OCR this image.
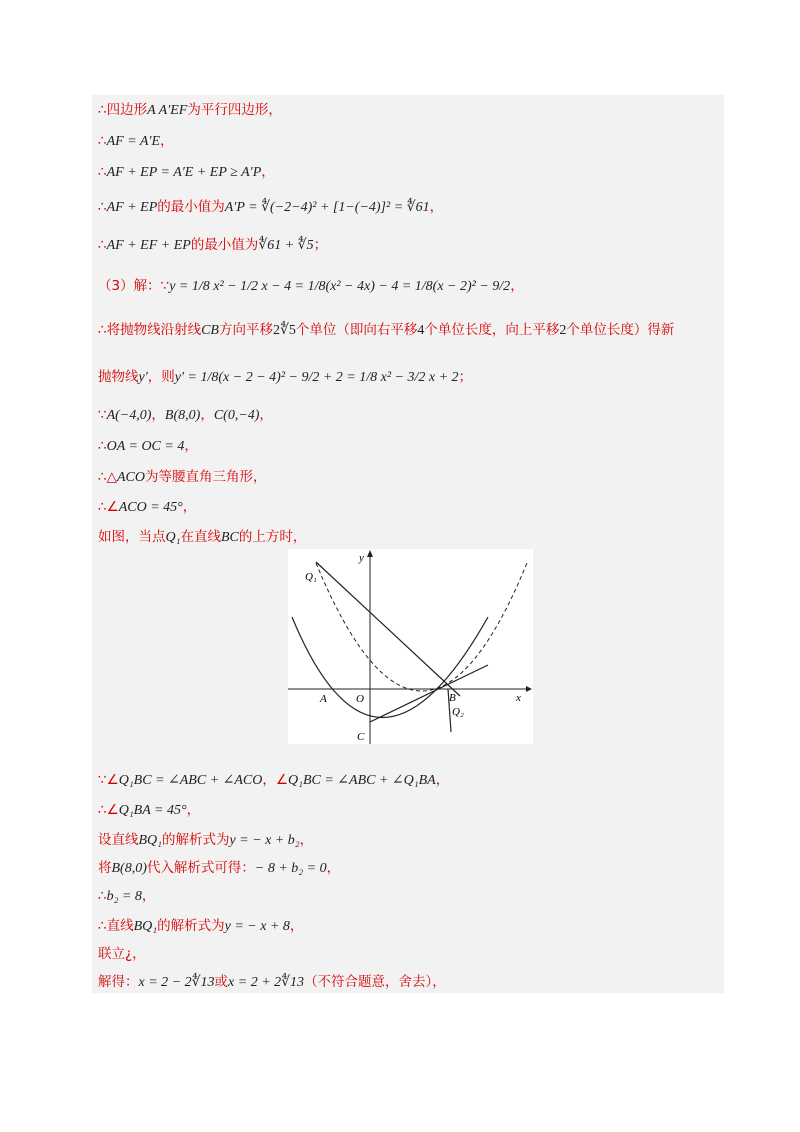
∴四边形A A′EF为平行四边形，
∴AF = A′E，
∴AF + EP = A′E + EP ≥ A′P，
∴AF + EP的最小值为A′P = ∜(−2−4)² + [1−(−4)]² = ∜61，
∴AF + EF + EP的最小值为∜61 + ∜5；
（3）解：∵y = 1/8 x² − 1/2 x − 4 = 1/8(x² − 4x) − 4 = 1/8(x − 2)² − 9/2，
∴将抛物线沿射线CB方向平移2∜5个单位（即向右平移4个单位长度，向上平移2个单位长度）得新
抛物线y′，则y′ = 1/8(x − 2 − 4)² − 9/2 + 2 = 1/8 x² − 3/2 x + 2；
∵A(−4,0)，B(8,0)，C(0,−4)，
∴OA = OC = 4，
∴△ACO为等腰直角三角形，
∴∠ACO = 45°，
如图，当点Q₁在直线BC的上方时，
y
x
O
A	B
C
Q₁
Q₂
∵∠Q₁BC = ∠ABC + ∠ACO，∠Q₁BC = ∠ABC + ∠Q₁BA，
∴∠Q₁BA = 45°，
设直线BQ₁的解析式为y = − x + b₂，
将B(8,0)代入解析式可得：− 8 + b₂ = 0，
∴b₂ = 8，
∴直线BQ₁的解析式为y = − x + 8，
联立¿，
解得：x = 2 − 2∜13或x = 2 + 2∜13（不符合题意，舍去），
